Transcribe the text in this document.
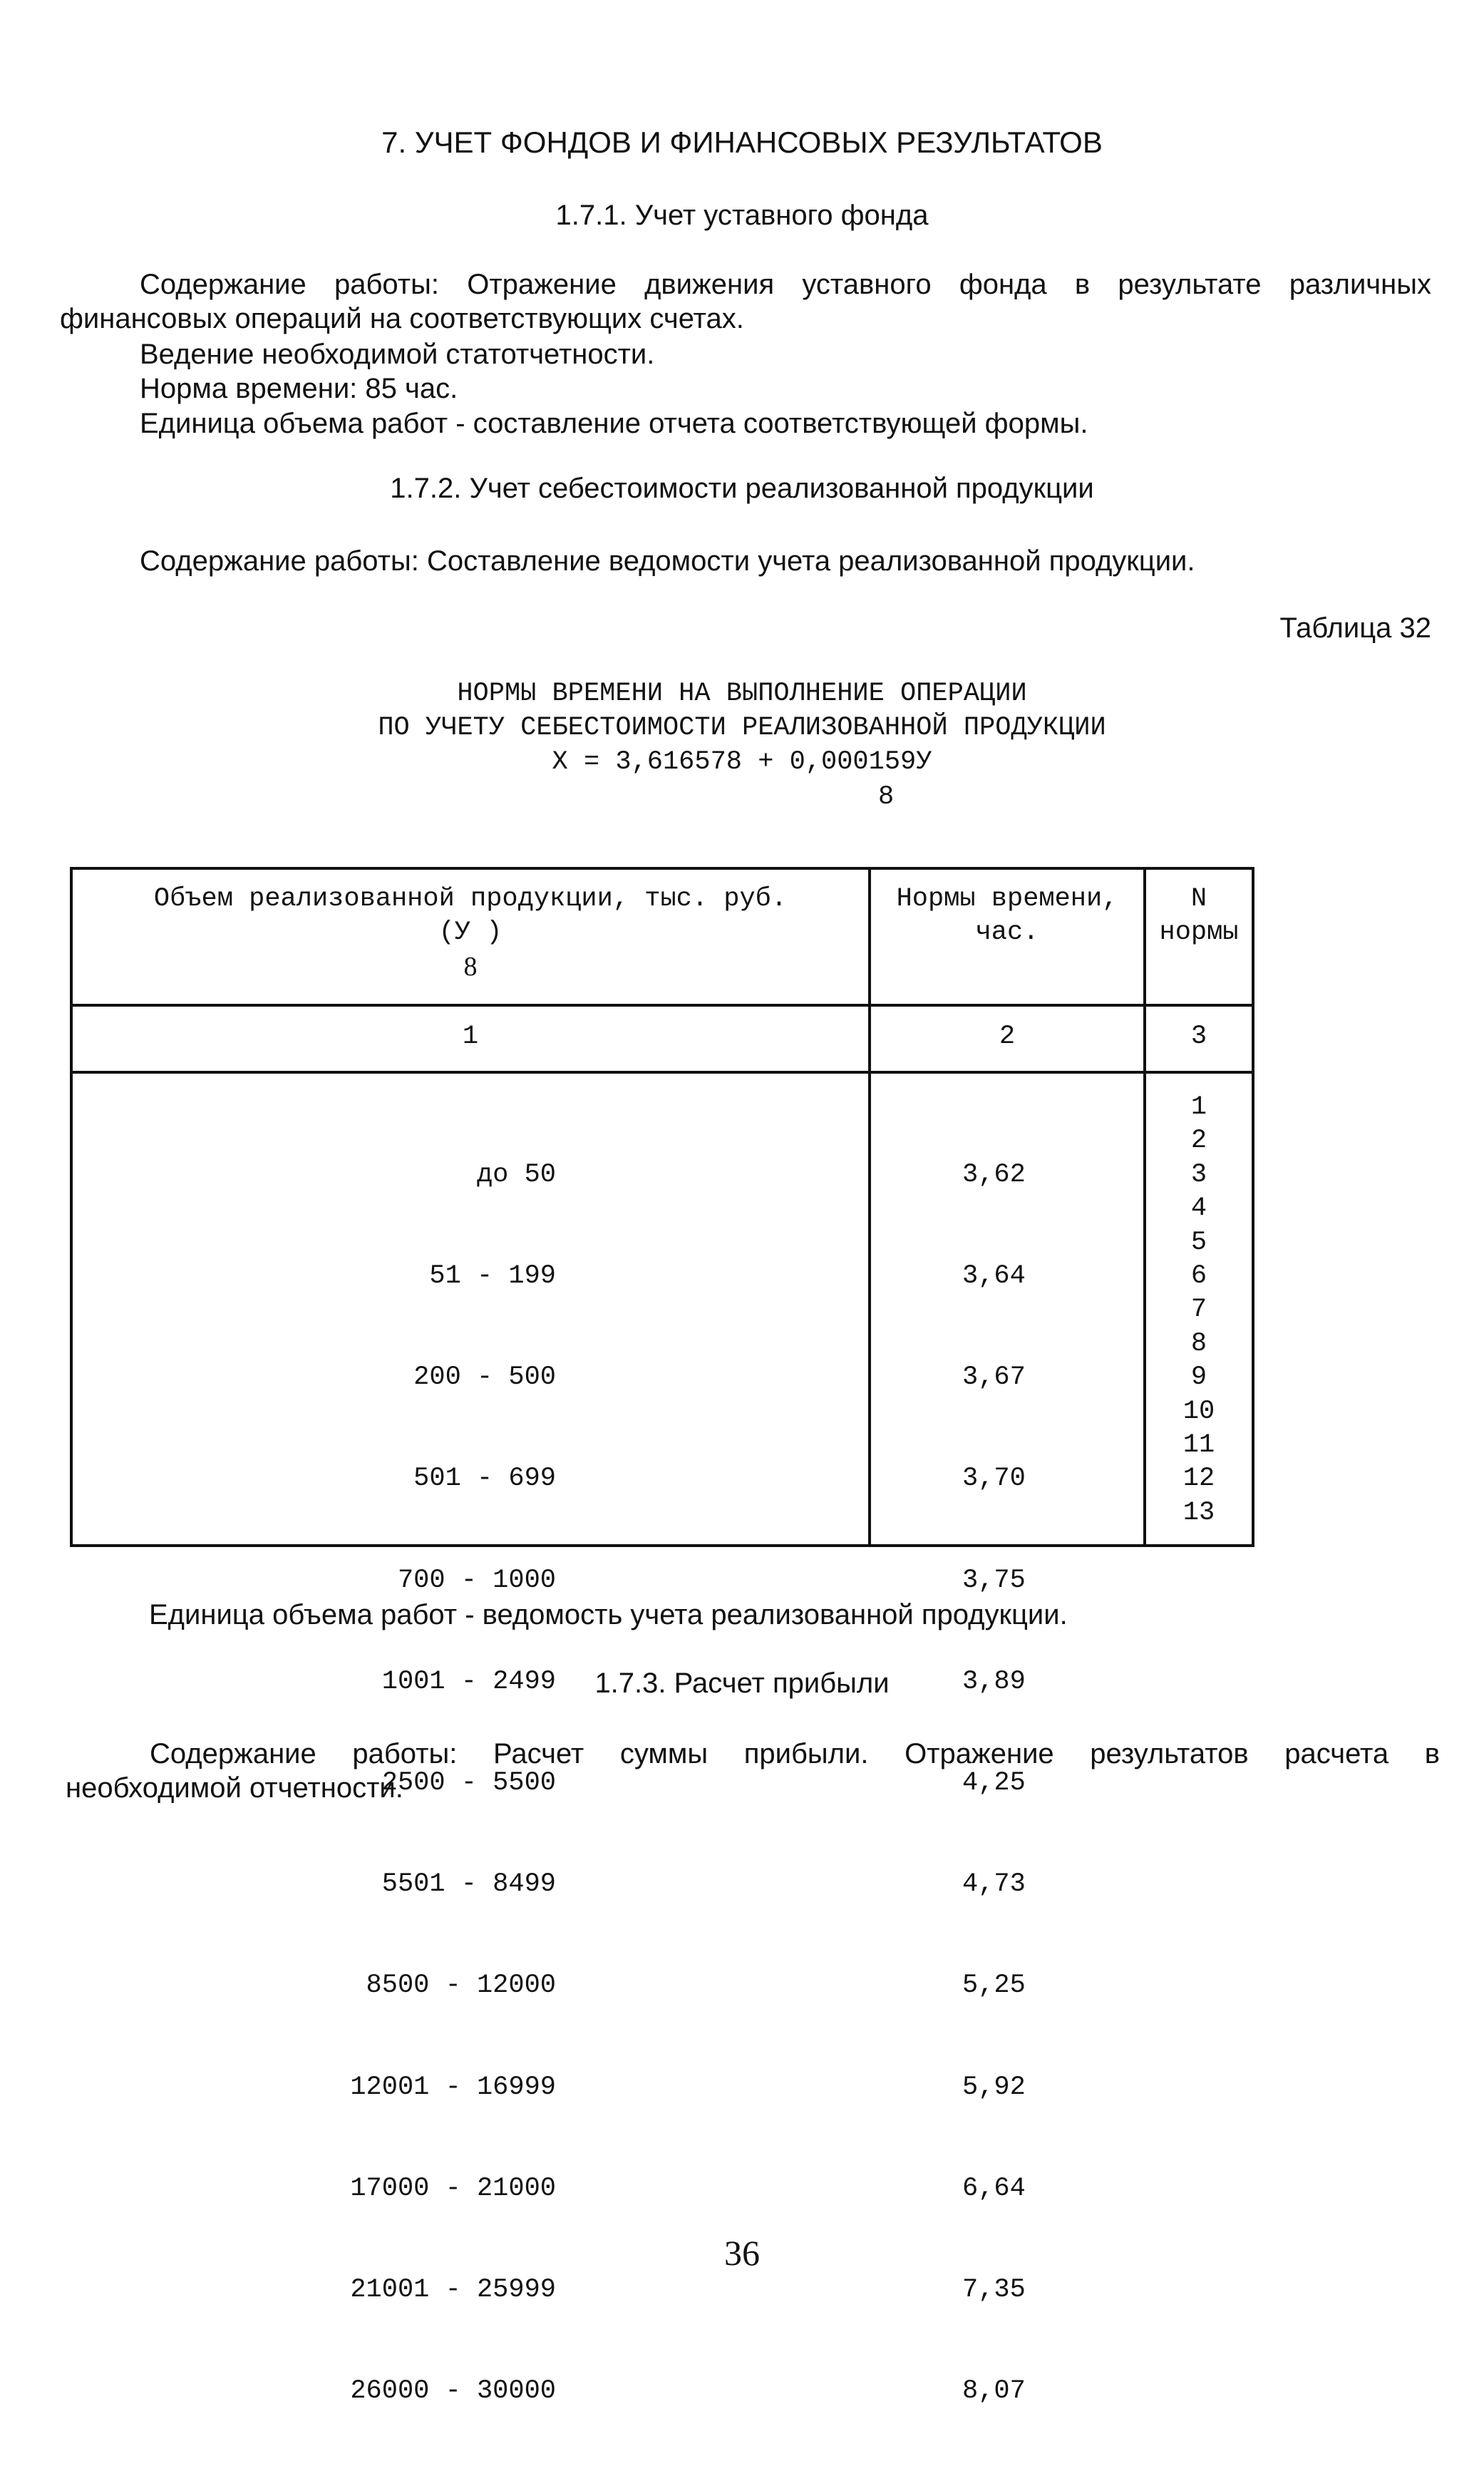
7. УЧЕТ ФОНДОВ И ФИНАНСОВЫХ РЕЗУЛЬТАТОВ
1.7.1. Учет уставного фонда
Содержание работы: Отражение движения уставного фонда в результате различных
финансовых операций на соответствующих счетах.
Ведение необходимой статотчетности.
Норма времени: 85 час.
Единица объема работ - составление отчета соответствующей формы.
1.7.2. Учет себестоимости реализованной продукции
Содержание работы: Составление ведомости учета реализованной продукции.
Таблица 32
НОРМЫ ВРЕМЕНИ НА ВЫПОЛНЕНИЕ ОПЕРАЦИИ
ПО УЧЕТУ СЕБЕСТОИМОСТИ РЕАЛИЗОВАННОЙ ПРОДУКЦИИ
X = 3,616578 + 0,000159У
8
Объем реализованной продукции, тыс. руб.
(У )
8
Нормы времени,
час.
N
нормы
1	2	3

до 50

51 - 199

200 - 500

501 - 699

700 - 1000

1001 - 2499

2500 - 5500

5501 - 8499

8500 - 12000

12001 - 16999

17000 - 21000

21001 - 25999

26000 - 30000

3,62

3,64

3,67

3,70

3,75

3,89

4,25

4,73

5,25

5,92

6,64

7,35

8,07

1
2
3
4
5
6
7
8
9
10
11
12
13
Единица объема работ - ведомость учета реализованной продукции.
1.7.3. Расчет прибыли
Содержание работы: Расчет суммы прибыли. Отражение результатов расчета в
необходимой отчетности.
36
